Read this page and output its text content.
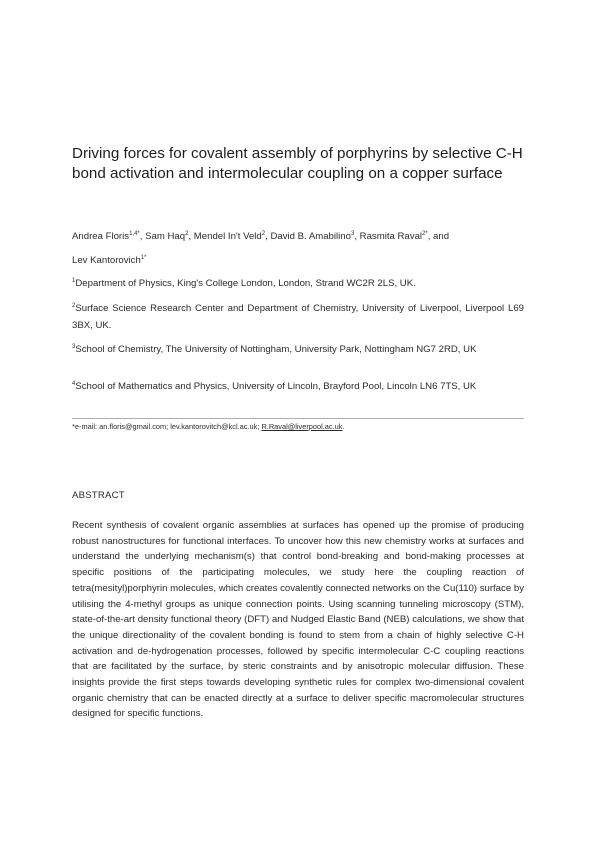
Driving forces for covalent assembly of porphyrins by selective C-H bond activation and intermolecular coupling on a copper surface
Andrea Floris$^{1,4*}$, Sam Haq$^2$, Mendel In't Veld$^2$, David B. Amabilino$^3$, Rasmita Raval$^{2*}$, and
Lev Kantorovich$^{1*}$
$^1$Department of Physics, King's College London, London, Strand WC2R 2LS, UK.
$^2$Surface Science Research Center and Department of Chemistry, University of Liverpool, Liverpool L69 3BX, UK.
$^3$School of Chemistry, The University of Nottingham, University Park, Nottingham NG7 2RD, UK
$^4$School of Mathematics and Physics, University of Lincoln, Brayford Pool, Lincoln LN6 7TS, UK
*e-mail: an.floris@gmail.com; lev.kantorovitch@kcl.ac.uk; R.Raval@liverpool.ac.uk.
ABSTRACT
Recent synthesis of covalent organic assemblies at surfaces has opened up the promise of producing robust nanostructures for functional interfaces. To uncover how this new chemistry works at surfaces and understand the underlying mechanism(s) that control bond-breaking and bond-making processes at specific positions of the participating molecules, we study here the coupling reaction of tetra(mesityl)porphyrin molecules, which creates covalently connected networks on the Cu(110) surface by utilising the 4-methyl groups as unique connection points. Using scanning tunneling microscopy (STM), state-of-the-art density functional theory (DFT) and Nudged Elastic Band (NEB) calculations, we show that the unique directionality of the covalent bonding is found to stem from a chain of highly selective C-H activation and de-hydrogenation processes, followed by specific intermolecular C-C coupling reactions that are facilitated by the surface, by steric constraints and by anisotropic molecular diffusion. These insights provide the first steps towards developing synthetic rules for complex two-dimensional covalent organic chemistry that can be enacted directly at a surface to deliver specific macromolecular structures designed for specific functions.
